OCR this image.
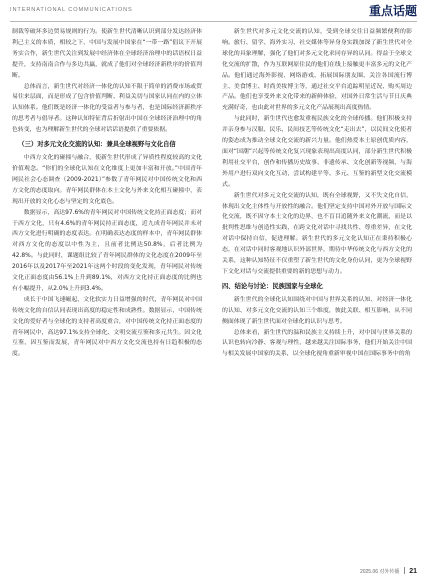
INTERNATIONAL COMMUNICATIONS	重点话题

制裁等破坏多边贸易规则的行为。使新生世代清晰认识到部分发达经济体利己主义的本质，相较之下，中国与发展中国家在“一带一路”倡议下开展务实合作，新生世代关注到发展中经济体在全球经济治理中的话语权日益提升，支持南南合作与多边共赢，就成了他们对全球经济新秩序的价值判断。

总体而言，新生世代对经济一体化的认知不限于简单的消费市场或贸易往来层面，而是形成了包含价值判断、利益关切与国家认同在内的立体认知体系。他们既是经济一体化的受益者与参与者，也是国际经济新秩序的思考者与倡导者。这种认知特征背后折射出中国在全球经济治理中的角色转变，也为理解新生世代的全球对话话语提供了重要依据。

（三）对多元文化交流的认知：兼具全球视野与文化自信

中西方文化的碰撞与融合，使新生世代形成了异质性程度较高的文化价值观念。“你们的全球化认知在文化维度上更加丰富和开放。”中国青年网民社会心态调查（2009-2021）”参数了青年网民对中国传统文化和西方文化的态度取向。青年网民群体在本土文化与外来文化相互碰撞中，表现出开放的文化心态与坚定的文化底色。

数据显示，高达97.6%的青年网民对中国传统文化持正面态度；而对于西方文化，只有4.6%的青年网民持正面态度，近九成青年网民并未对西方文化进行明确的态度表达。在明确表达态度的样本中，青年网民群体对西方文化的态度以中性为主，且前者比例达50.8%，后者比例为42.8%。与此同时，课题组比较了青年网民群体的文化态度在2009年至2016年以及2017年至2021年这两个时段的变化发现，青年网民对传统文化正面态度由56.1%上升到89.1%，对西方文化持正面态度的比例也有小幅提升，从2.0%上升到3.4%。

成长于中国飞速崛起、文化软实力日益增强的时代，青年网民对中国传统文化的自信认同表现出高度的稳定性和成熟性。数据显示，中国传统文化的爱好者与全球化的支持者高度重合，对中国传统文化持正面态度的青年网民中，高达97.1%支持全球化、文明交流互鉴和多元共生。因文化互鉴，因互鉴而发展，青年网民对中西方文化交流也持有日趋积极的态度。

新生世代对多元文化交流的认知，受到全球交往日益频繁便利的影响。旅行、留学、海外实习、社交媒体等异身身实践加深了新生世代对全球化的具象理解，强化了他们对多元文化求同存异的认同。得益于全球文化交流的扩散，作为互联网原住民的他们在线上接触更丰富多元的文化产品。他们通过海外影视、网络游戏、拓展国际朋友圈、关注各国流行博主、美食博主、时尚美妆博主等，通过社交平台追踪明星近况、购买周边产品。他们也享受外来文化带来的新鲜体验，对国外日常生活与节日庆典充满好奇，也由此对世界的多元文化产品展现出高度热情。

与此同时，新生世代也愈发重视民族文化的全球传播。他们积极支持并亲身参与汉服、民乐、民间技艺等传统文化“走出去”，以民间文化使者的姿态成为推动全球文化交流的新兴力量。他们热爱本土原创优质内容，面对“国潮”兴起等传统文化复兴现象表现出高度认同，部分新生世代积极利用社交平台，创作和传播历史故事、非遗传承、文化创新等视频，与海外用户进行双向文化互动，尝试构建平等、多元、互鉴的新型文化交流模式。

新生世代对多元文化交流的认知，既有全球视野，又不失文化自信，体现出文化主体性与开放性的融合。他们坚定支持中国对外开放与国际文化交流，既不因守本土文化的边界，也不盲目追随外来文化潮流，而是以批判性思维与创造性实践，在跨文化对话中寻找共性、尊重差异，在文化对话中保持自信，促进理解。新生世代的多元文化认知正在秉持积极心态，在对话中同时客观地认识外部世界，期待中华传统文化与西方文化的关系，这种认知特征不仅重塑了新生世代的文化身份认同，更为全球视野下文化对话与交流提供重要的新的思想与动力。

四、结论与讨论：民族国家与全球化

新生世代的全球化认知围绕对中国与世界关系的认知、对经济一体化的认知、对多元文化交流的认知三个维度，彼此关联、相互影响，从不同侧面体现了新生世代面对全球化的认识与思考。

总体来看，新生世代的温和民族主义持续上升，对中国与世界关系的认识也转向冷静、客观与理性，越来越关注国际事务，他们开始关注中国与相关发展中国家的关系，以全球化视角重新审视中国在国际事务中的角

2025.06 对外传播 21
